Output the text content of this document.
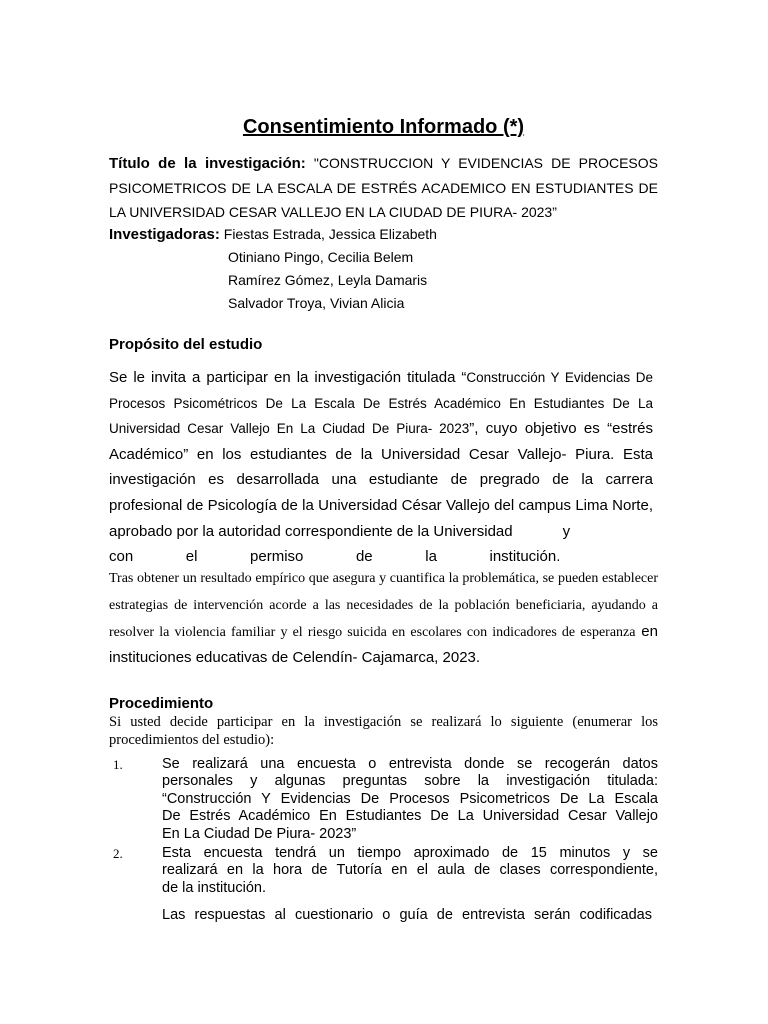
Consentimiento Informado (*)
Título de la investigación: "CONSTRUCCION Y EVIDENCIAS DE PROCESOS PSICOMETRICOS DE LA ESCALA DE ESTRÉS ACADEMICO EN ESTUDIANTES DE LA UNIVERSIDAD CESAR VALLEJO EN LA CIUDAD DE PIURA- 2023”
Investigadoras: Fiestas Estrada, Jessica Elizabeth
Otiniano Pingo, Cecilia Belem
Ramírez Gómez, Leyla Damaris
Salvador Troya, Vivian Alicia
Propósito del estudio
Se le invita a participar en la investigación titulada “Construcción Y Evidencias De Procesos Psicométricos De La Escala De Estrés Académico En Estudiantes De La Universidad Cesar Vallejo En La Ciudad De Piura- 2023”, cuyo objetivo es “estrés Académico” en los estudiantes de la Universidad Cesar Vallejo- Piura. Esta investigación es desarrollada una estudiante de pregrado de la carrera profesional de Psicología de la Universidad César Vallejo del campus Lima Norte, aprobado por la autoridad correspondiente de la Universidad	y
con	el	permiso	de	la	institución.
Tras obtener un resultado empírico que asegura y cuantifica la problemática, se pueden establecer estrategias de intervención acorde a las necesidades de la población beneficiaria, ayudando a resolver la violencia familiar y el riesgo suicida en escolares con indicadores de esperanza en instituciones educativas de Celendín- Cajamarca, 2023.
Procedimiento
Si usted decide participar en la investigación se realizará lo siguiente (enumerar los procedimientos del estudio):
1.	Se realizará una encuesta o entrevista donde se recogerán datos
personales y algunas preguntas sobre la investigación titulada:
“Construcción Y Evidencias De Procesos Psicometricos De La Escala
De Estrés Académico En Estudiantes De La Universidad Cesar Vallejo
En La Ciudad De Piura- 2023”
2.	Esta encuesta tendrá un tiempo aproximado de 15 minutos y se
realizará en la hora de Tutoría en el aula de clases correspondiente,
de la institución.
Las respuestas al cuestionario o guía de entrevista serán codificadas
